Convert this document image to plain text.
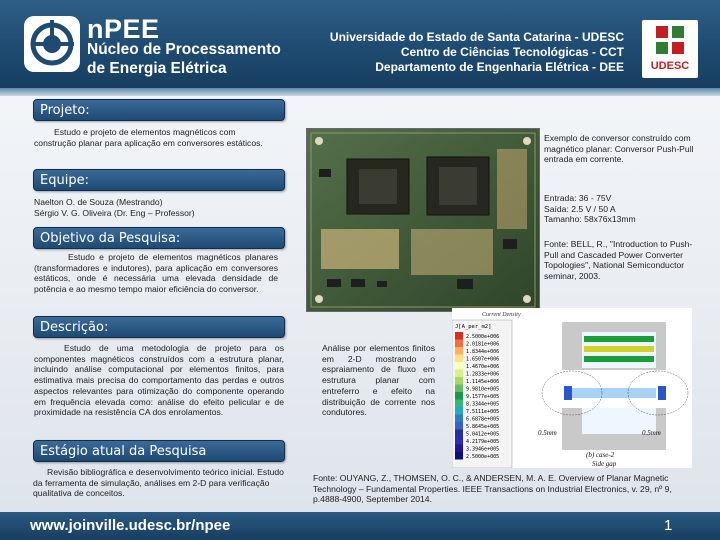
nPEE
Núcleo de Processamento
de Energia Elétrica
Universidade do Estado de Santa Catarina - UDESC
Centro de Ciências Tecnológicas - CCT
Departamento de Engenharia Elétrica - DEE	UDESC
Projeto:
Estudo e projeto de elementos magnéticos com construção planar para aplicação em conversores estáticos.
Equipe:
Naelton O. de Souza (Mestrando)
Sérgio V. G. Oliveira (Dr. Eng – Professor)
Objetivo da Pesquisa:
Estudo e projeto de elementos magnéticos planares (transformadores e indutores), para aplicação em conversores estáticos, onde é necessária uma elevada densidade de potência e ao mesmo tempo maior eficiência do conversor.
Descrição:
Estudo de uma metodologia de projeto para os componentes magnéticos construídos com a estrutura planar, incluindo análise computacional por elementos finitos, para estimativa mais precisa do comportamento das perdas e outros aspectos relevantes para otimização do componente operando em frequência elevada como: análise do efeito pelicular e de proximidade na resistência CA dos enrolamentos.
Estágio atual da Pesquisa
Revisão bibliográfica e desenvolvimento teórico inicial. Estudo da ferramenta de simulação, análises em 2-D para verificação qualitativa de conceitos.
Exemplo de conversor construído com magnético planar: Conversor Push-Pull entrada em corrente.
Entrada: 36 - 75V
Saída: 2.5 V / 50 A
Tamanho: 58x76x13mm
Fonte: BELL, R., "Introduction to Push-Pull and Cascaded Power Converter Topologies", National Semiconductor seminar, 2003.
Análise por elementos finitos em 2-D mostrando o espraiamento de fluxo em estrutura planar com entreferro e efeito na distribuição de corrente nos condutores.
Current Density
J[A_per_m2]
2.5000e+006
2.0181e+006
1.8344e+006
1.6507e+006
1.4670e+006
1.2833e+006
1.1145e+006
9.9810e+005
9.1577e+005
8.3344e+005
7.5111e+005
6.6878e+005
5.8645e+005
5.0412e+005
4.2179e+005
3.3946e+005
2.5000e+005
0.5mm	0.5mm
(b) case-2
Side gap
Fonte: OUYANG, Z., THOMSEN, O. C., & ANDERSEN, M. A. E. Overview of Planar Magnetic Technology – Fundamental Properties. IEEE Transactions on Industrial Electronics, v. 29, nº 9, p.4888-4900, September 2014.
www.joinville.udesc.br/npee	1
